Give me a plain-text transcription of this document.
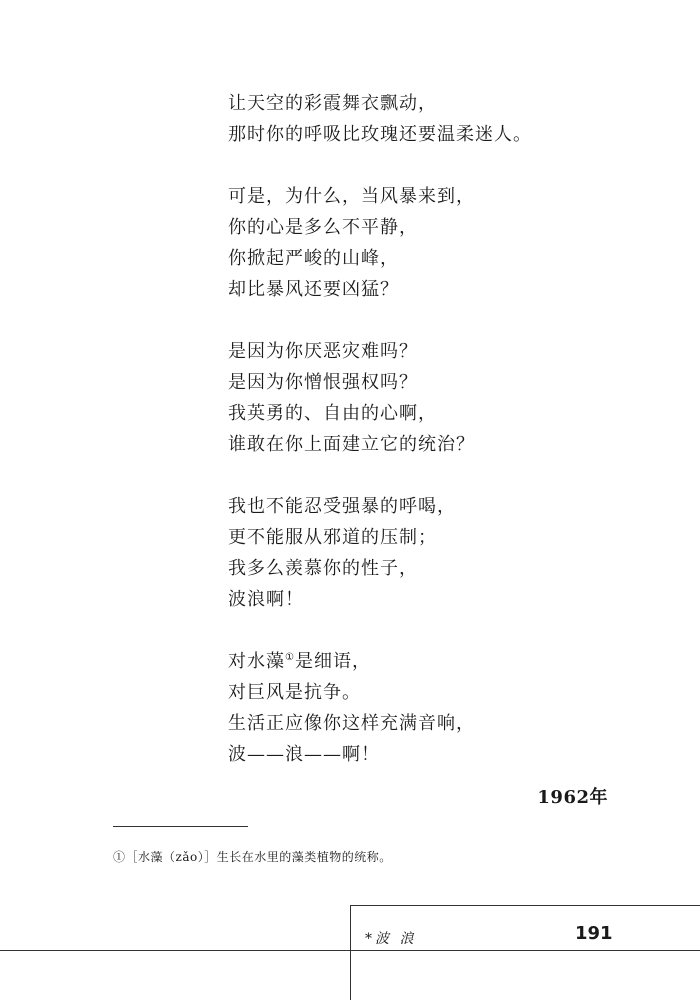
让天空的彩霞舞衣飘动，
那时你的呼吸比玫瑰还要温柔迷人。
可是，为什么，当风暴来到，
你的心是多么不平静，
你掀起严峻的山峰，
却比暴风还要凶猛？
是因为你厌恶灾难吗？
是因为你憎恨强权吗？
我英勇的、自由的心啊，
谁敢在你上面建立它的统治？
我也不能忍受强暴的呼喝，
更不能服从邪道的压制；
我多么羡慕你的性子，
波浪啊！
对水藻①是细语，
对巨风是抗争。
生活正应像你这样充满音响，
波——浪——啊！
1962年
①［水藻（zǎo）］生长在水里的藻类植物的统称。
*波 浪	191
